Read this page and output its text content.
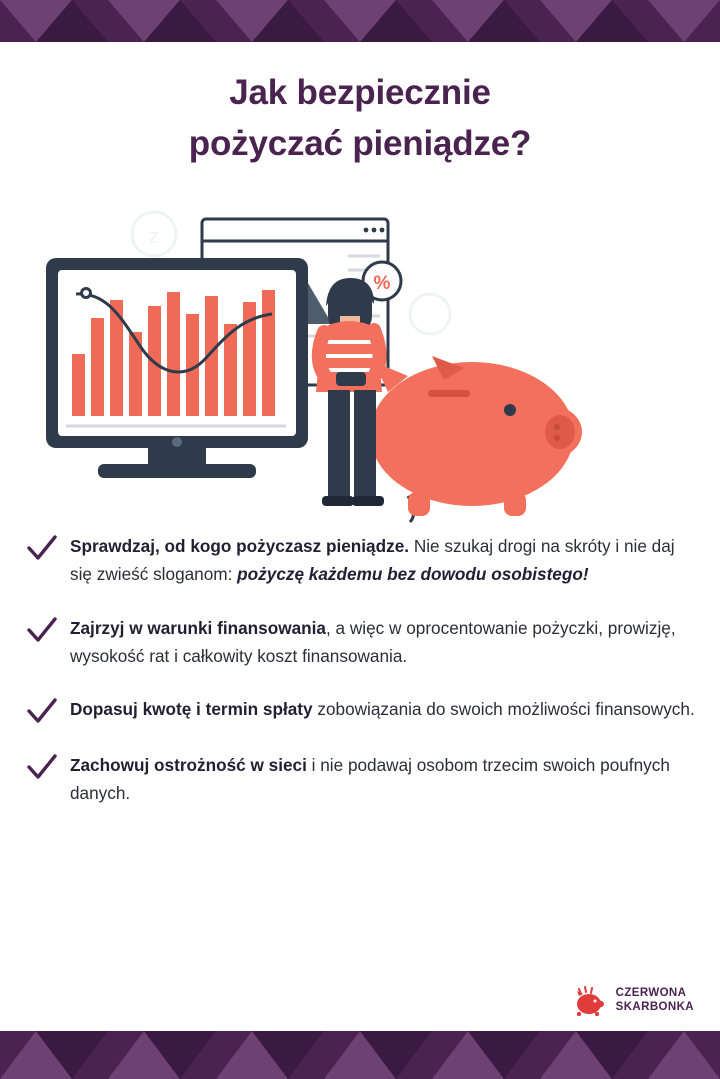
Jak bezpiecznie
pożyczać pieniądze?
z
%
Sprawdzaj, od kogo pożyczasz pieniądze. Nie szukaj drogi na skróty i nie daj się zwieść sloganom: pożyczę każdemu bez dowodu osobistego!
Zajrzyj w warunki finansowania, a więc w oprocentowanie pożyczki, prowizję, wysokość rat i całkowity koszt finansowania.
Dopasuj kwotę i termin spłaty zobowiązania do swoich możliwości finansowych.
Zachowuj ostrożność w sieci i nie podawaj osobom trzecim swoich poufnych danych.
CZERWONA
SKARBONKA
